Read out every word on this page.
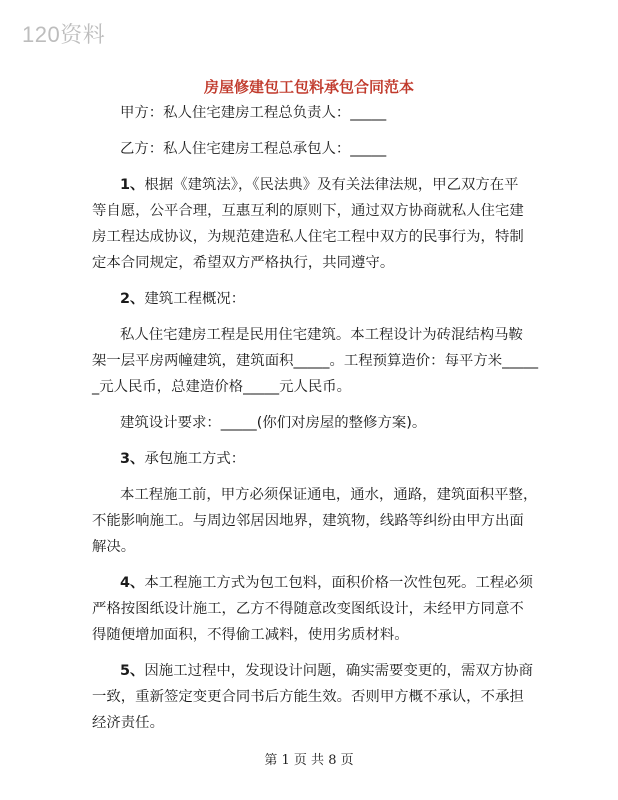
120资料
房屋修建包工包料承包合同范本

甲方：私人住宅建房工程总负责人：_____

乙方：私人住宅建房工程总承包人：_____

1、根据《建筑法》，《民法典》及有关法律法规，甲乙双方在平

等自愿，公平合理，互惠互利的原则下，通过双方协商就私人住宅建

房工程达成协议，为规范建造私人住宅工程中双方的民事行为，特制

定本合同规定，希望双方严格执行，共同遵守。

2、建筑工程概况：

私人住宅建房工程是民用住宅建筑。本工程设计为砖混结构马鞍

架一层平房两幢建筑，建筑面积_____。工程预算造价：每平方米_____

_元人民币，总建造价格_____元人民币。

建筑设计要求：_____(你们对房屋的整修方案)。

3、承包施工方式：

本工程施工前，甲方必须保证通电，通水，通路，建筑面积平整，

不能影响施工。与周边邻居因地界，建筑物，线路等纠纷由甲方出面

解决。

4、本工程施工方式为包工包料，面积价格一次性包死。工程必须

严格按图纸设计施工，乙方不得随意改变图纸设计，未经甲方同意不

得随便增加面积，不得偷工减料，使用劣质材料。

5、因施工过程中，发现设计问题，确实需要变更的，需双方协商

一致，重新签定变更合同书后方能生效。否则甲方概不承认，不承担

经济责任。

第 1 页 共 8 页
